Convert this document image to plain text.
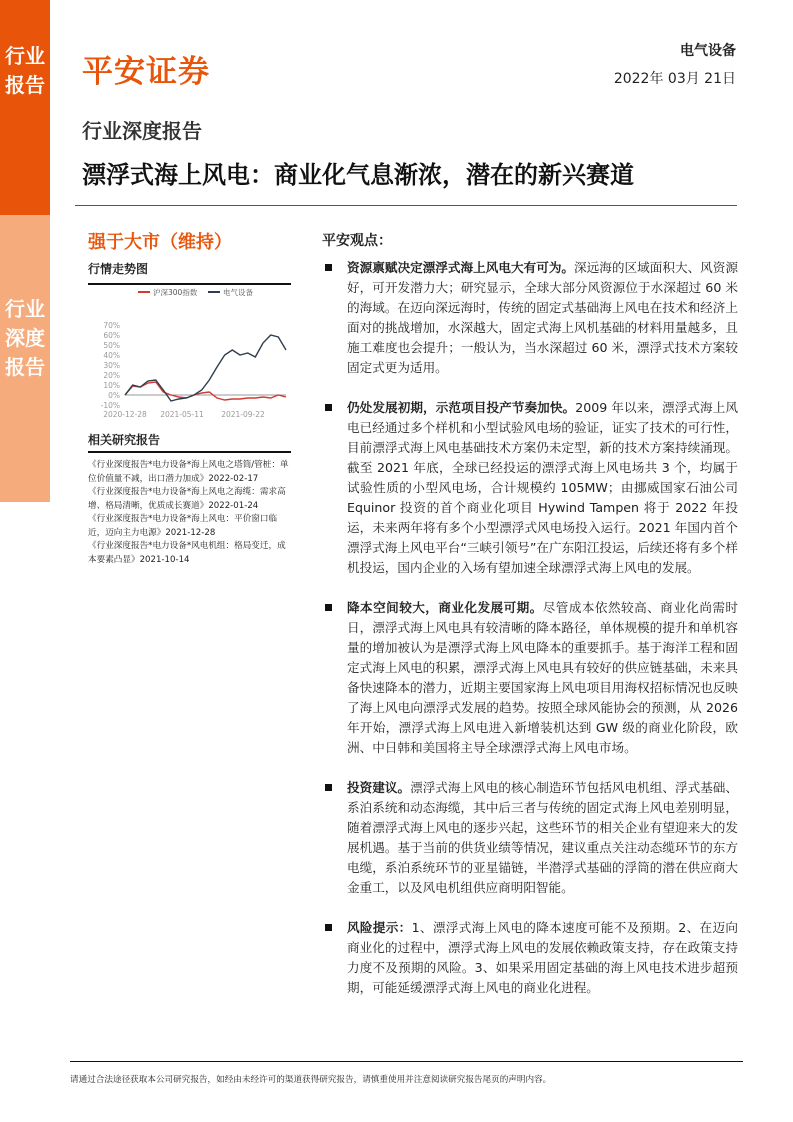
行业报告
行业深度报告
平安证券
电气设备
2022年 03月 21日
行业深度报告
漂浮式海上风电：商业化气息渐浓，潜在的新兴赛道
强于大市（维持）	平安观点：
行情走势图
沪深300指数	电气设备
70%
60%
50%
40%
30%
20%
10%
0%
-10%
2020-12-28 2021-05-11 2021-09-22
相关研究报告
《行业深度报告*电力设备*海上风电之塔筒/管桩：单位价值量不减，出口潜力加成》2022-02-17
《行业深度报告*电力设备*海上风电之海缆：需求高增、格局清晰，优质成长赛道》2022-01-24
《行业深度报告*电力设备*海上风电：平价窗口临近，迈向主力电源》2021-12-28
《行业深度报告*电力设备*风电机组：格局变迁，成本要素凸显》2021-10-14
资源禀赋决定漂浮式海上风电大有可为。深远海的区域面积大、风资源好，可开发潜力大；研究显示，全球大部分风资源位于水深超过 60 米的海域。在迈向深远海时，传统的固定式基础海上风电在技术和经济上面对的挑战增加，水深越大，固定式海上风机基础的材料用量越多，且施工难度也会提升；一般认为，当水深超过 60 米，漂浮式技术方案较固定式更为适用。
仍处发展初期，示范项目投产节奏加快。2009 年以来，漂浮式海上风电已经通过多个样机和小型试验风电场的验证，证实了技术的可行性，目前漂浮式海上风电基础技术方案仍未定型，新的技术方案持续涌现。截至 2021 年底，全球已经投运的漂浮式海上风电场共 3 个，均属于试验性质的小型风电场，合计规模约 105MW；由挪威国家石油公司 Equinor 投资的首个商业化项目 Hywind Tampen 将于 2022 年投运，未来两年将有多个小型漂浮式风电场投入运行。2021 年国内首个漂浮式海上风电平台“三峡引领号”在广东阳江投运，后续还将有多个样机投运，国内企业的入场有望加速全球漂浮式海上风电的发展。
降本空间较大，商业化发展可期。尽管成本依然较高、商业化尚需时日，漂浮式海上风电具有较清晰的降本路径，单体规模的提升和单机容量的增加被认为是漂浮式海上风电降本的重要抓手。基于海洋工程和固定式海上风电的积累，漂浮式海上风电具有较好的供应链基础，未来具备快速降本的潜力，近期主要国家海上风电项目用海权招标情况也反映了海上风电向漂浮式发展的趋势。按照全球风能协会的预测，从 2026 年开始，漂浮式海上风电进入新增装机达到 GW 级的商业化阶段，欧洲、中日韩和美国将主导全球漂浮式海上风电市场。
投资建议。漂浮式海上风电的核心制造环节包括风电机组、浮式基础、系泊系统和动态海缆，其中后三者与传统的固定式海上风电差别明显，随着漂浮式海上风电的逐步兴起，这些环节的相关企业有望迎来大的发展机遇。基于当前的供货业绩等情况，建议重点关注动态缆环节的东方电缆，系泊系统环节的亚星锚链，半潜浮式基础的浮筒的潜在供应商大金重工，以及风电机组供应商明阳智能。
风险提示：1、漂浮式海上风电的降本速度可能不及预期。2、在迈向商业化的过程中，漂浮式海上风电的发展依赖政策支持，存在政策支持力度不及预期的风险。3、如果采用固定基础的海上风电技术进步超预期，可能延缓漂浮式海上风电的商业化进程。
请通过合法途径获取本公司研究报告，如经由未经许可的渠道获得研究报告，请慎重使用并注意阅读研究报告尾页的声明内容。
